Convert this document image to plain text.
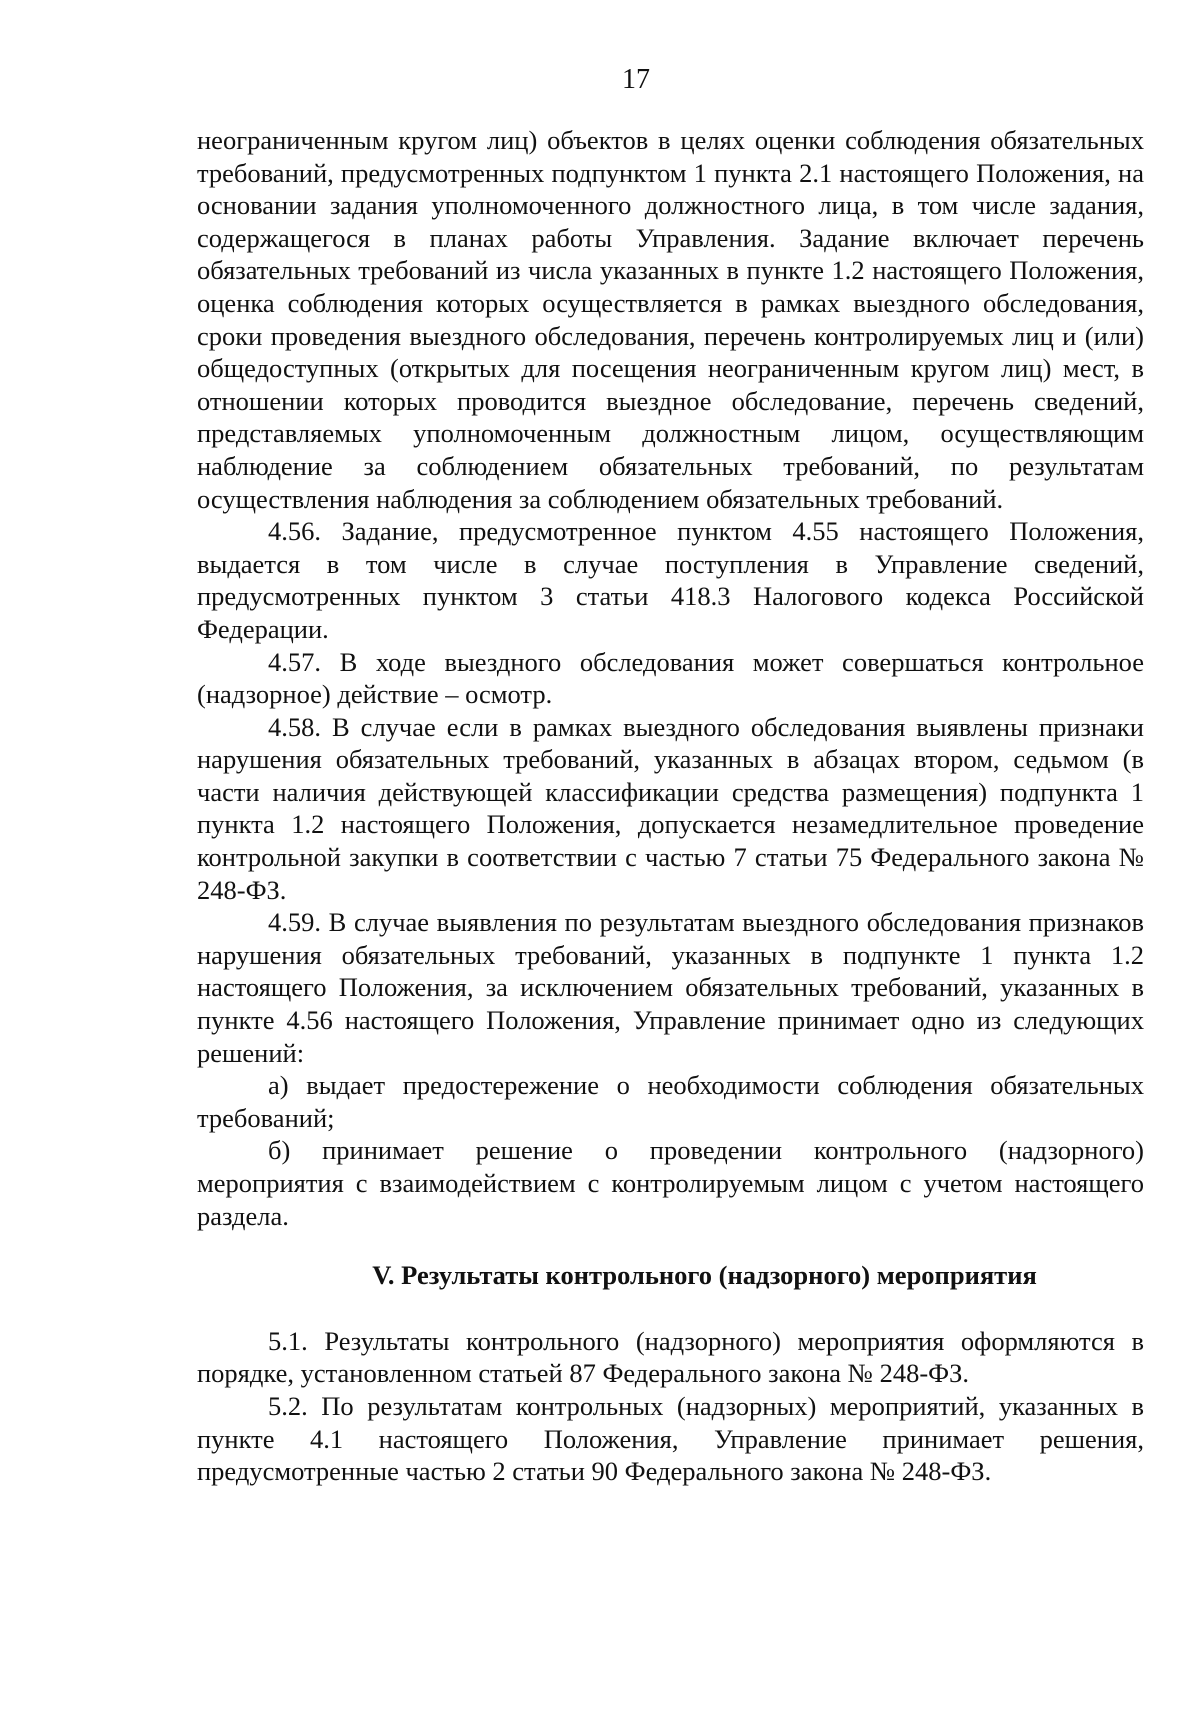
17

неограниченным кругом лиц) объектов в целях оценки соблюдения обязательных требований, предусмотренных подпунктом 1 пункта 2.1 настоящего Положения, на основании задания уполномоченного должностного лица, в том числе задания, содержащегося в планах работы Управления. Задание включает перечень обязательных требований из числа указанных в пункте 1.2 настоящего Положения, оценка соблюдения которых осуществляется в рамках выездного обследования, сроки проведения выездного обследования, перечень контролируемых лиц и (или) общедоступных (открытых для посещения неограниченным кругом лиц) мест, в отношении которых проводится выездное обследование, перечень сведений, представляемых уполномоченным должностным лицом, осуществляющим наблюдение за соблюдением обязательных требований, по результатам осуществления наблюдения за соблюдением обязательных требований.

4.56. Задание, предусмотренное пунктом 4.55 настоящего Положения, выдается в том числе в случае поступления в Управление сведений, предусмотренных пунктом 3 статьи 418.3 Налогового кодекса Российской Федерации.

4.57. В ходе выездного обследования может совершаться контрольное (надзорное) действие – осмотр.

4.58. В случае если в рамках выездного обследования выявлены признаки нарушения обязательных требований, указанных в абзацах втором, седьмом (в части наличия действующей классификации средства размещения) подпункта 1 пункта 1.2 настоящего Положения, допускается незамедлительное проведение контрольной закупки в соответствии с частью 7 статьи 75 Федерального закона № 248-ФЗ.

4.59. В случае выявления по результатам выездного обследования признаков нарушения обязательных требований, указанных в подпункте 1 пункта 1.2 настоящего Положения, за исключением обязательных требований, указанных в пункте 4.56 настоящего Положения, Управление принимает одно из следующих решений:

а) выдает предостережение о необходимости соблюдения обязательных требований;

б) принимает решение о проведении контрольного (надзорного) мероприятия с взаимодействием с контролируемым лицом с учетом настоящего раздела.

V. Результаты контрольного (надзорного) мероприятия

5.1. Результаты контрольного (надзорного) мероприятия оформляются в порядке, установленном статьей 87 Федерального закона № 248-ФЗ.

5.2. По результатам контрольных (надзорных) мероприятий, указанных в пункте 4.1 настоящего Положения, Управление принимает решения, предусмотренные частью 2 статьи 90 Федерального закона № 248-ФЗ.
